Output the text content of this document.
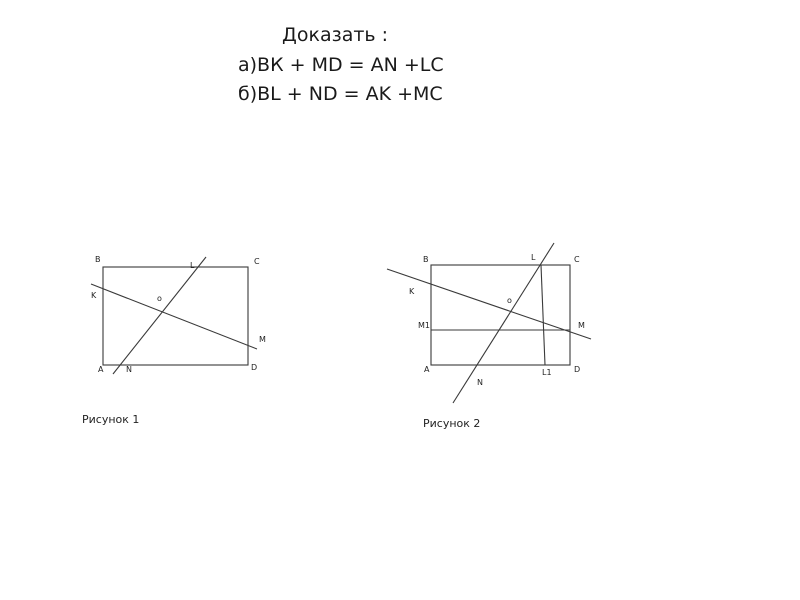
Доказать :
а)ВК + MD = AN +LC
б)BL + ND = AK +MC
B
L	C
K	o
M
A	N	D
Рисунок 1
B	L	C
K
o
M1	M
A
N
L1	D
Рисунок 2
